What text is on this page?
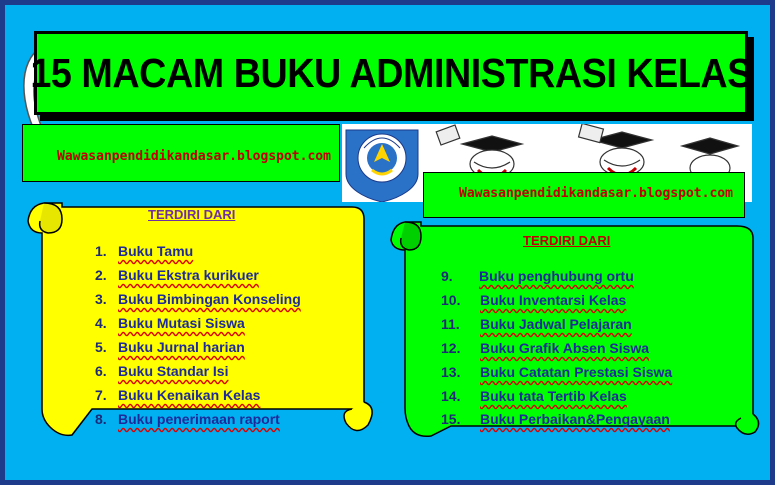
15 MACAM BUKU ADMINISTRASI KELAS
Wawasanpendidikandasar.blogspot.com
Wawasanpendidikandasar.blogspot.com
TERDIRI DARI
1. Buku Tamu
2. Buku Ekstra kurikuer
3. Buku Bimbingan Konseling
4. Buku Mutasi Siswa
5. Buku Jurnal harian
6. Buku Standar Isi
7. Buku Kenaikan Kelas
8. Buku penerimaan raport
TERDIRI DARI
9. Buku penghubung ortu
10. Buku Inventarsi Kelas
11. Buku Jadwal Pelajaran
12. Buku Grafik Absen Siswa
13. Buku Catatan Prestasi Siswa
14. Buku tata Tertib Kelas
15. Buku Perbaikan&Pengayaan
